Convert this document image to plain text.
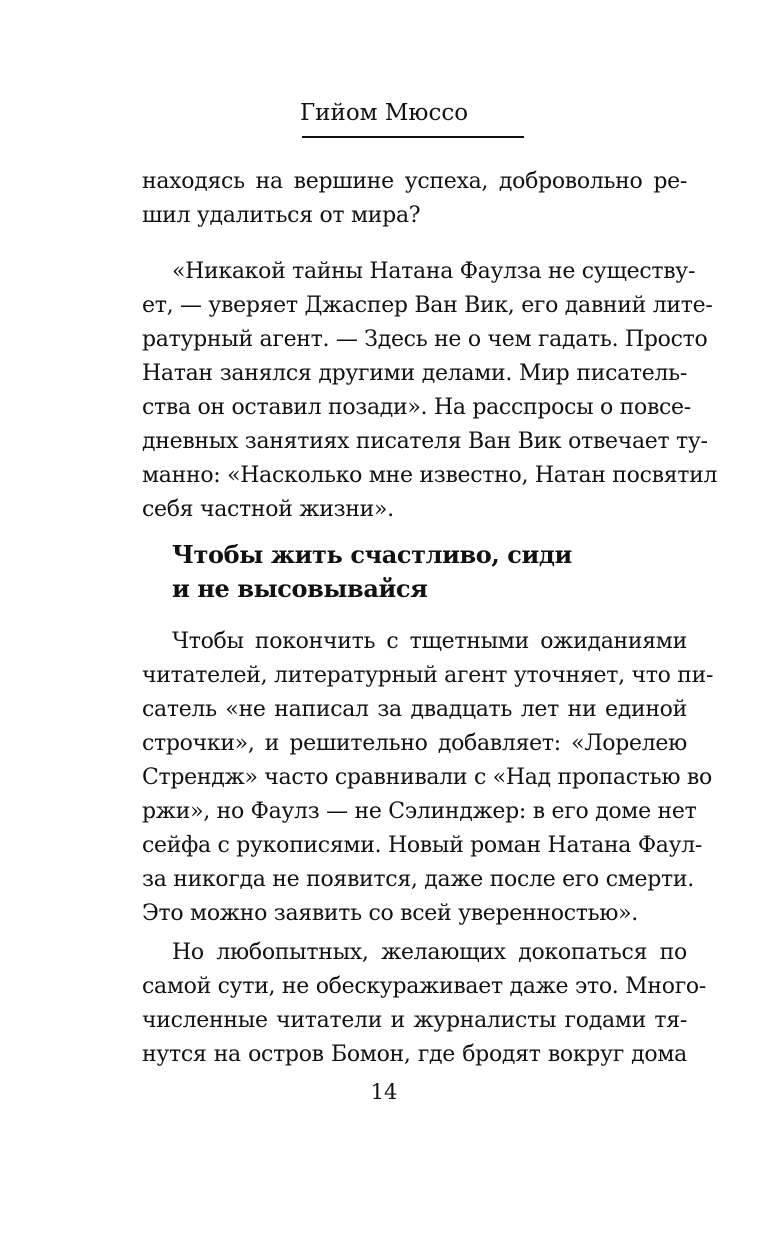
Гийом Мюссо
находясь на вершине успеха, добровольно ре-
шил удалиться от мира?
«Никакой тайны Натана Фаулза не существу-
ет, — уверяет Джаспер Ван Вик, его давний лите-
ратурный агент. — Здесь не о чем гадать. Просто
Натан занялся другими делами. Мир писатель-
ства он оставил позади». На расспросы о повсе-
дневных занятиях писателя Ван Вик отвечает ту-
манно: «Насколько мне известно, Натан посвятил
себя частной жизни».
Чтобы жить счастливо, сиди
и не высовывайся
Чтобы покончить с тщетными ожиданиями
читателей, литературный агент уточняет, что пи-
сатель «не написал за двадцать лет ни единой
строчки», и решительно добавляет: «Лорелею
Стрендж» часто сравнивали с «Над пропастью во
ржи», но Фаулз — не Сэлинджер: в его доме нет
сейфа с рукописями. Новый роман Натана Фаул-
за никогда не появится, даже после его смерти.
Это можно заявить со всей уверенностью».
Но любопытных, желающих докопаться по
самой сути, не обескураживает даже это. Много-
численные читатели и журналисты годами тя-
нутся на остров Бомон, где бродят вокруг дома
14
